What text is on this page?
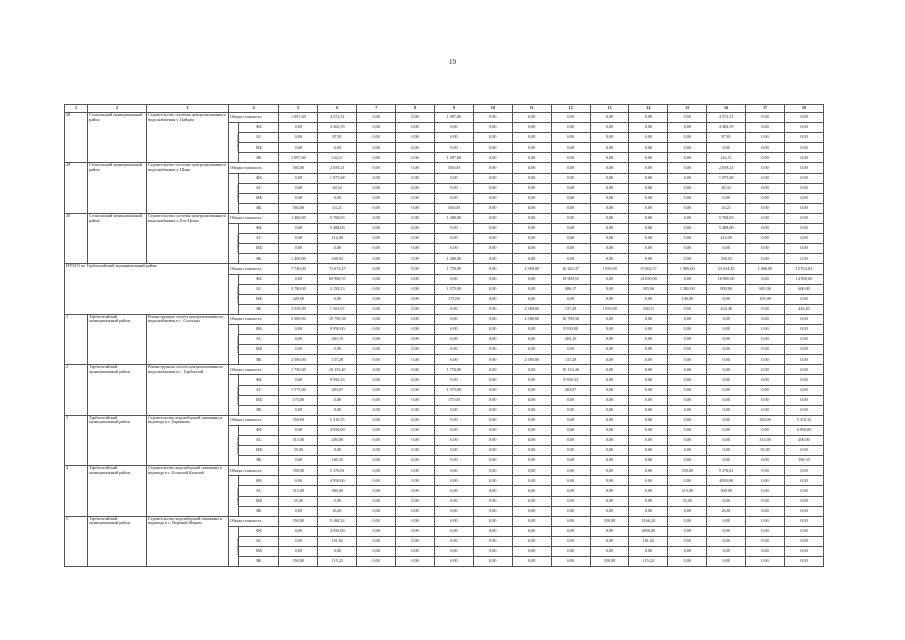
19
1	2	3	4		5	6	7	8	9	10	11	12	13	14	15	16	17	18
28	Сельгонский муниципальный район	Строительство системы централизованного водоснабжения у. Цайдам	Общая стоимость		1 097,60	4 572,51	0,00	0,00	1 097,60	0,00	0,00	0,00	0,00	0,00	0,00	4 572,51	0,00	0,00
			в том числе:	ФБ	0,00	4 302,59	0,00	0,00	0,00	0,00	0,00	0,00	0,00	0,00	0,00	4 302,59	0,00	0,00
				БС	0,00	87,81	0,00	0,00	0,00	0,00	0,00	0,00	0,00	0,00	0,00	87,81	0,00	0,00
				МБ	0,00	0,00	0,00	0,00	0,00	0,00	0,00	0,00	0,00	0,00	0,00	0,00	0,00	0,00
				ВБ	1 097,60	142,11	0,00	0,00	1 097,60	0,00	0,00	0,00	0,00	0,00	0,00	142,11	0,00	0,00
29	Сельгонский муниципальный район	Строительство системы централизованного водоснабжения у. Шаки	Общая стоимость		504,00	2 059,21	0,00	0,00	504,00	0,00	0,00	0,00	0,00	0,00	0,00	2 059,21	0,00	0,00
			в том числе:	ФБ	0,00	1 975,68	0,00	0,00	0,00	0,00	0,00	0,00	0,00	0,00	0,00	1 975,68	0,00	0,00
				БС	0,00	40,32	0,00	0,00	0,00	0,00	0,00	0,00	0,00	0,00	0,00	40,32	0,00	0,00
				МБ	0,00	0,00	0,00	0,00	0,00	0,00	0,00	0,00	0,00	0,00	0,00	0,00	0,00	0,00
				ВБ	504,00	43,21	0,00	0,00	504,00	0,00	0,00	0,00	0,00	0,00	0,00	43,21	0,00	0,00
30	Сельгонский муниципальный район	Строительство системы централизованного водоснабжения у. Ехе-Цеган	Общая стоимость		1 400,00	5 768,03	0,00	0,00	1 400,00	0,00	0,00	0,00	0,00	0,00	0,00	5 768,03	0,00	0,00
			в том числе:	ФБ	0,00	5 488,00	0,00	0,00	0,00	0,00	0,00	0,00	0,00	0,00	0,00	5 488,00	0,00	0,00
				БС	0,00	112,00	0,00	0,00	0,00	0,00	0,00	0,00	0,00	0,00	0,00	112,00	0,00	0,00
				МБ	0,00	0,00	0,00	0,00	0,00	0,00	0,00	0,00	0,00	0,00	0,00	0,00	0,00	0,00
				ВБ	1 400,00	168,03	0,00	0,00	1 400,00	0,00	0,00	0,00	0,00	0,00	0,00	168,03	0,00	0,00
ИТОГО по Тарбагатайский муниципальный район:			Общая стоимость		7 740,00	73 673,47	0,00	0,00	1 750,00	0,00	2 580,00	20 443,37	1 050,00	15 802,57	1 800,00	23 634,45	1 600,00	15 912,63
			в том числе:	ФБ	0,00	69 900,55	0,00	0,00	0,00	0,00	0,00	19 900,55	0,00	14 850,00	0,00	18 800,00	0,00	14 850,00
				БС	3 780,00	2 158,23	0,00	0,00	1 575,00	0,00	0,00	406,17	0,00	303,06	1 200,00	800,00	945,00	600,00
				МБ	420,00	0,00	0,00	0,00	175,00	0,00	0,00	0,00	0,00	0,00	140,00	0,00	105,00	0,00
				ВБ	3 550,00	1 563,97	0,00	0,00	0,00	0,00	2 580,00	137,28	1 050,00	349,51	0,00	434,48	0,00	442,63
1	Тарбагатайский муниципальный район	Реконструкция систем централизованного водоснабжения в с. Солонцы	Общая стоимость		2 580,00	10 790,38	0,00	0,00	0,00	0,00	2 580,00	10 790,38	0,00	0,00	0,00	0,00	0,00	0,00
			в том числе:	ФБ	0,00	9 956,00	0,00	0,00	0,00	0,00	0,00	9 950,00	0,00	0,00	0,00	0,00	0,00	0,00
				БС	0,00	203,10	0,00	0,00	0,00	0,00	0,00	203,10	0,00	0,00	0,00	0,00	0,00	0,00
				МБ	0,00	0,00	0,00	0,00	0,00	0,00	0,00	0,00	0,00	0,00	0,00	0,00	0,00	0,00
				ВБ	2 580,00	137,28	0,00	0,00	0,00	0,00	2 580,00	137,28	0,00	0,00	0,00	0,00	0,00	0,00
2	Тарбагатайский муниципальный район	Реконструкция систем централизованного водоснабжения в с. Тарбагатай	Общая стоимость		1 750,00	10 153,40	0,00	0,00	1 750,00	0,00	0,00	10 153,40	0,00	0,00	0,00	0,00	0,00	0,00
			в том числе:	ФБ	0,00	9 950,33	0,00	0,00	0,00	0,00	0,00	9 950,33	0,00	0,00	0,00	0,00	0,00	0,00
				БС	1 575,00	203,07	0,00	0,00	1 575,00	0,00	0,00	203,07	0,00	0,00	0,00	0,00	0,00	0,00
				МБ	175,00	0,00	0,00	0,00	175,00	0,00	0,00	0,00	0,00	0,00	0,00	0,00	0,00	0,00
				ВБ	0,00	0,00	0,00	0,00	0,00	0,00	0,00	0,00	0,00	0,00	0,00	0,00	0,00	0,00
3	Тарбагатайский муниципальный район	Строительство водозаборной скважины и водовода в с. Барыкино	Общая стоимость		350,00	5 310,35	0,00	0,00	0,00	0,00	0,00	0,00	0,00	0,00	0,00	0,00	350,00	5 310,35
			в том числе:	ФБ	0,00	4 950,00	0,00	0,00	0,00	0,00	0,00	0,00	0,00	0,00	0,00	0,00	0,00	4 950,00
				БС	315,00	200,00	0,00	0,00	0,00	0,00	0,00	0,00	0,00	0,00	0,00	0,00	315,00	200,00
				МБ	35,00	0,00	0,00	0,00	0,00	0,00	0,00	0,00	0,00	0,00	0,00	0,00	35,00	0,00
				ВБ	0,00	160,35	0,00	0,00	0,00	0,00	0,00	0,00	0,00	0,00	0,00	0,00	0,00	160,35
4	Тарбагатайский муниципальный район	Строительство водозаборной скважины и водовода в с. Большой Куналей	Общая стоимость		350,00	5 376,81	0,00	0,00	0,00	0,00	0,00	0,00	0,00	0,00	350,00	5 376,81	0,00	0,00
			в том числе:	ФБ	0,00	4 950,00	0,00	0,00	0,00	0,00	0,00	0,00	0,00	0,00	0,00	4950,00	0,00	0,00
				БС	315,00	300,00	0,00	0,00	0,00	0,00	0,00	0,00	0,00	0,00	315,00	300,00	0,00	0,00
				МБ	35,00	0,00	0,00	0,00	0,00	0,00	0,00	0,00	0,00	0,00	35,00	0,00	0,00	0,00
				ВБ	0,00	26,81	0,00	0,00	0,00	0,00	0,00	0,00	0,00	0,00	0,00	26,81	0,00	0,00
5	Тарбагатайский муниципальный район	Строительство водозаборной скважины и водовода в с. Верхний Жирим	Общая стоимость		350,00	5 168,24	0,00	0,00	0,00	0,00	0,00	0,00	350,00	5166,24	0,00	0,00	0,00	0,00
			в том числе:	ФБ	0,00	4 950,00	0,00	0,00	0,00	0,00	0,00	0,00	0,00	4950,00	0,00	0,00	0,00	0,00
				БС	0,00	101,02	0,00	0,00	0,00	0,00	0,00	0,00	0,00	101,02	0,00	0,00	0,00	0,00
				МБ	0,00	0,00	0,00	0,00	0,00	0,00	0,00	0,00	0,00	0,00	0,00	0,00	0,00	0,00
				ВБ	350,00	115,22	0,00	0,00	0,00	0,00	0,00	0,00	350,00	115,22	0,00	0,00	0,00	0,00
